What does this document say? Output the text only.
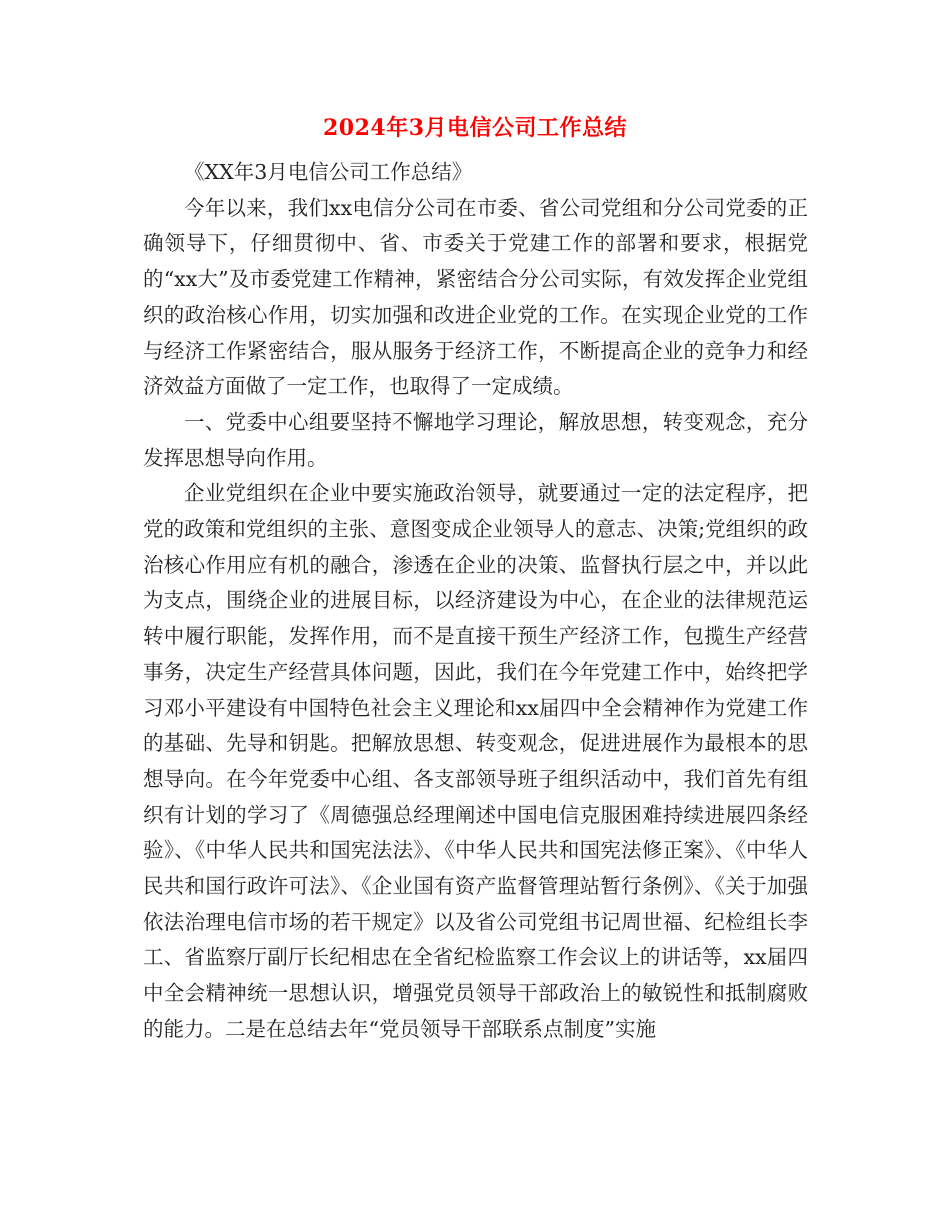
2024年3月电信公司工作总结

《XX年3月电信公司工作总结》

今年以来，我们xx电信分公司在市委、省公司党组和分公司党委的正确领导下，仔细贯彻中、省、市委关于党建工作的部署和要求，根据党的“xx大”及市委党建工作精神，紧密结合分公司实际，有效发挥企业党组织的政治核心作用，切实加强和改进企业党的工作。在实现企业党的工作与经济工作紧密结合，服从服务于经济工作，不断提高企业的竞争力和经济效益方面做了一定工作，也取得了一定成绩。

一、党委中心组要坚持不懈地学习理论，解放思想，转变观念，充分发挥思想导向作用。

企业党组织在企业中要实施政治领导，就要通过一定的法定程序，把党的政策和党组织的主张、意图变成企业领导人的意志、决策;党组织的政治核心作用应有机的融合，渗透在企业的决策、监督执行层之中，并以此为支点，围绕企业的进展目标，以经济建设为中心，在企业的法律规范运转中履行职能，发挥作用，而不是直接干预生产经济工作，包揽生产经营事务，决定生产经营具体问题，因此，我们在今年党建工作中，始终把学习邓小平建设有中国特色社会主义理论和xx届四中全会精神作为党建工作的基础、先导和钥匙。把解放思想、转变观念，促进进展作为最根本的思想导向。在今年党委中心组、各支部领导班子组织活动中，我们首先有组织有计划的学习了《周德强总经理阐述中国电信克服困难持续进展四条经验》、《中华人民共和国宪法法》、《中华人民共和国宪法修正案》、《中华人民共和国行政许可法》、《企业国有资产监督管理站暂行条例》、《关于加强依法治理电信市场的若干规定》以及省公司党组书记周世福、纪检组长李工、省监察厅副厅长纪相忠在全省纪检监察工作会议上的讲话等，xx届四中全会精神统一思想认识，增强党员领导干部政治上的敏锐性和抵制腐败的能力。二是在总结去年“党员领导干部联系点制度”实施
